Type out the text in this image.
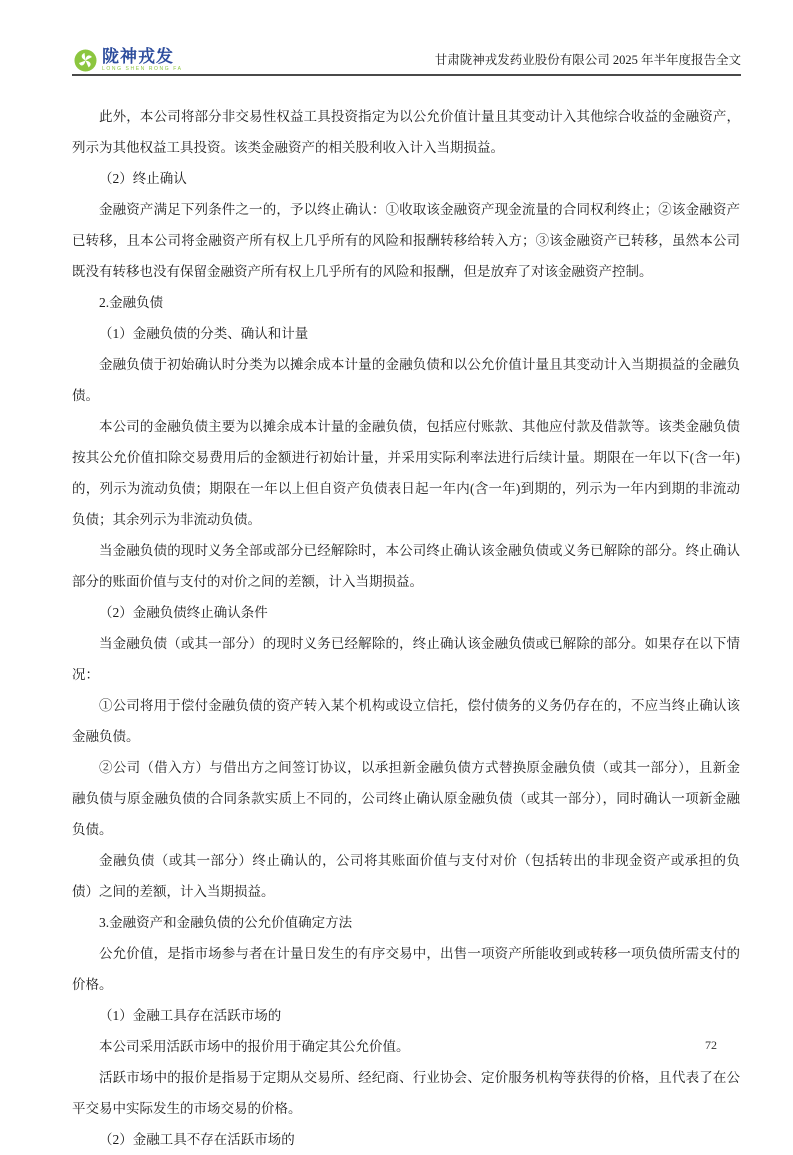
陇神戎发
LONG SHEN RONG FA
甘肃陇神戎发药业股份有限公司 2025 年半年度报告全文

此外，本公司将部分非交易性权益工具投资指定为以公允价值计量且其变动计入其他综合收益的金融资产，列示为其他权益工具投资。该类金融资产的相关股利收入计入当期损益。

（2）终止确认

金融资产满足下列条件之一的，予以终止确认：①收取该金融资产现金流量的合同权利终止；②该金融资产已转移，且本公司将金融资产所有权上几乎所有的风险和报酬转移给转入方；③该金融资产已转移，虽然本公司既没有转移也没有保留金融资产所有权上几乎所有的风险和报酬，但是放弃了对该金融资产控制。

2.金融负债

（1）金融负债的分类、确认和计量

金融负债于初始确认时分类为以摊余成本计量的金融负债和以公允价值计量且其变动计入当期损益的金融负债。

本公司的金融负债主要为以摊余成本计量的金融负债，包括应付账款、其他应付款及借款等。该类金融负债按其公允价值扣除交易费用后的金额进行初始计量，并采用实际利率法进行后续计量。期限在一年以下(含一年)的，列示为流动负债；期限在一年以上但自资产负债表日起一年内(含一年)到期的，列示为一年内到期的非流动负债；其余列示为非流动负债。

当金融负债的现时义务全部或部分已经解除时，本公司终止确认该金融负债或义务已解除的部分。终止确认部分的账面价值与支付的对价之间的差额，计入当期损益。

（2）金融负债终止确认条件

当金融负债（或其一部分）的现时义务已经解除的，终止确认该金融负债或已解除的部分。如果存在以下情况：

①公司将用于偿付金融负债的资产转入某个机构或设立信托，偿付债务的义务仍存在的，不应当终止确认该金融负债。

②公司（借入方）与借出方之间签订协议，以承担新金融负债方式替换原金融负债（或其一部分），且新金融负债与原金融负债的合同条款实质上不同的，公司终止确认原金融负债（或其一部分），同时确认一项新金融负债。

金融负债（或其一部分）终止确认的，公司将其账面价值与支付对价（包括转出的非现金资产或承担的负债）之间的差额，计入当期损益。

3.金融资产和金融负债的公允价值确定方法

公允价值，是指市场参与者在计量日发生的有序交易中，出售一项资产所能收到或转移一项负债所需支付的价格。

（1）金融工具存在活跃市场的

本公司采用活跃市场中的报价用于确定其公允价值。

活跃市场中的报价是指易于定期从交易所、经纪商、行业协会、定价服务机构等获得的价格，且代表了在公平交易中实际发生的市场交易的价格。

（2）金融工具不存在活跃市场的

72
